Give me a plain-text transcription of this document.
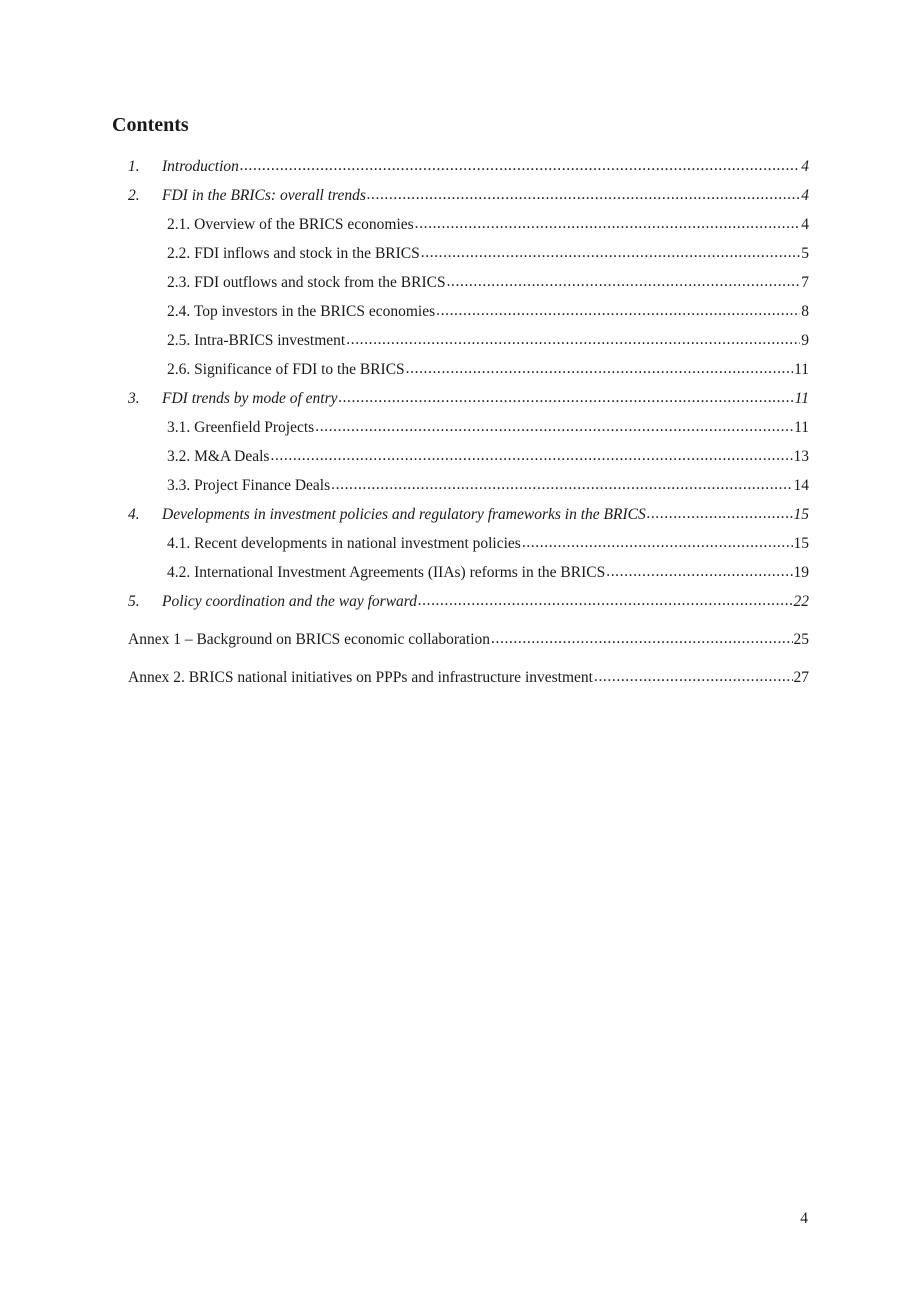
Contents
1.	Introduction .....	4
2.	FDI in the BRICs: overall trends .....	4
2.1. Overview of the BRICS economies .....	4
2.2. FDI inflows and stock in the BRICS .....	5
2.3. FDI outflows and stock from the BRICS .....	7
2.4. Top investors in the BRICS economies .....	8
2.5. Intra-BRICS investment .....	9
2.6. Significance of FDI to the BRICS .....	11
3.	FDI trends by mode of entry .....	11
3.1. Greenfield Projects .....	11
3.2. M&A Deals .....	13
3.3. Project Finance Deals .....	14
4.	Developments in investment policies and regulatory frameworks in the BRICS .....	15
4.1. Recent developments in national investment policies .....	15
4.2. International Investment Agreements (IIAs) reforms in the BRICS .....	19
5.	Policy coordination and the way forward .....	22
Annex 1 – Background on BRICS economic collaboration .....	25
Annex 2. BRICS national initiatives on PPPs and infrastructure investment .....	27
4
